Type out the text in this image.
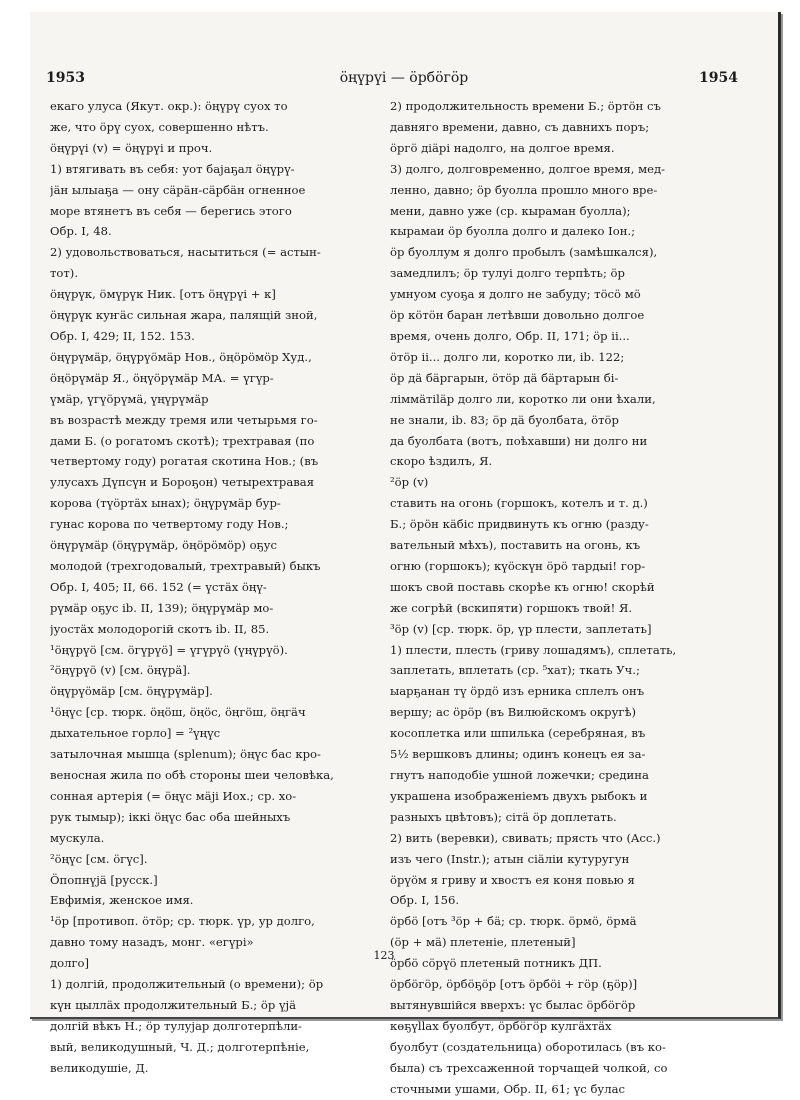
1953	öңүрүі — öрбöгöр	1954
екаго улуса (Якут. окр.): öңүрү суох то
же, что öрү суох, совершенно нѣтъ.
öңүрүі (v) = öңүрүі и проч.
1) втягивать въ себя: уот бајаҕал öңүрү-
јäн ылыаҕа — ону сäрäн-сäрбäн огненное
море втянетъ въ себя — берегись этого
Обр. I, 48.
2) удовольствоваться, насытиться (= астын-
тот).
öңүрүк, öмүрүк Ник. [отъ öңүрүі + к]
öңүрүк куҥäс сильная жара, палящій зной,
Обр. I, 429; II, 152. 153.
öңүрүмäр, öңүрүöмäр Нов., öңöрöмöр Худ.,
öңöрүмäр Я., öңүöрүмäр МА. = үгүр-
үмäр, үгүöрүмä, үңүрүмäр
въ возрастѣ между тремя или четырьмя го-
дами Б. (о рогатомъ скотѣ); трехтравая (по
четвертому году) рогатая скотина Нов.; (въ
улусахъ Дүпсүн и Бороҕон) четырехтравая
корова (түöртäх ынах); öңүрүмäр бур-
гунас корова по четвертому году Нов.;
öңүрүмäр (öңүрүмäр, öңöрöмöр) оҕус
молодой (трехгодовалый, трехтравый) быкъ
Обр. I, 405; II, 66. 152 (= үстäх öңү-
рүмäр оҕус ib. II, 139); öңүрүмäр мо-
јуостäх молодорогій скотъ ib. II, 85.
¹öңүрүö [см. öгүрүö] = үгүрүö (үңүрүö).
²öңүрүö (v) [см. öңүрä].
öңүрүöмäр [см. öңүрүмäр].
¹öңүс [ср. тюрк. öңöш, öңöс, öңгöш, öңгäч
дыхательное горло] = ²үңүс
затылочная мышца (splenum); öңүс бас кро-
веносная жила по обѣ стороны шеи человѣка,
сонная артерія (= öңүс мäјі Иох.; ср. хо-
рук тымыр); іккі öңүс бас оба шейныхъ
мускула.
²öңүс [см. öгүс].
Öпопнүјä [русск.]
Евфимія, женское имя.
¹öр [противоп. öтöр; ср. тюрк. үр, ур долго,
давно тому назадъ, монг. «егүрі»
долго]
1) долгій, продолжительный (о времени); öр
күн цыллäх продолжительный Б.; öр үјä
долгій вѣкъ Н.; öр тулујар долготерпѣли-
вый, великодушный, Ч. Д.; долготерпѣніе,
великодушіе, Д.
2) продолжительность времени Б.; öртöн съ
давняго времени, давно, съ давнихъ поръ;
öргö діäрі надолго, на долгое время.
3) долго, долговременно, долгое время, мед-
ленно, давно; öр буолла прошло много вре-
мени, давно уже (ср. кыраман буолла);
кырамаи öр буолла долго и далеко Іон.;
öр буоллум я долго пробылъ (замѣшкался),
замедлилъ; öр тулуі долго терпѣть; öр
умнуом суоҕа я долго не забуду; тöсö мö
öр кöтöн баран летѣвши довольно долгое
время, очень долго, Обр. II, 171; öр ii...
öтöр ii... долго ли, коротко ли, ib. 122;
öр дä бäргарын, öтöр дä бäртарын бі-
ліммäтіläр долго ли, коротко ли они ѣхали,
не знали, ib. 83; öр дä буолбата, öтöр
да буолбата (вотъ, поѣхавши) ни долго ни
скоро ѣздилъ, Я.
²öр (v)
ставить на огонь (горшокъ, котелъ и т. д.)
Б.; öрöн кäбіс придвинуть къ огню (разду-
вательный мѣхъ), поставить на огонь, къ
огню (горшокъ); күöскүн öрö тардыі! гор-
шокъ свой поставь скорѣе къ огню! скорѣй
же согрѣй (вскипяти) горшокъ твой! Я.
³öр (v) [ср. тюрк. öр, үр плести, заплетать]
1) плести, плесть (гриву лошадямъ), сплетать,
заплетать, вплетать (ср. ⁵хат); ткать Уч.;
ыарҕанан тү öрдö изъ ерника сплелъ онъ
вершу; ас öрöр (въ Вилюйскомъ округѣ)
косоплетка или шпилька (серебряная, въ
5½ вершковъ длины; одинъ конецъ ея за-
гнутъ наподобіе ушной ложечки; средина
украшена изображеніемъ двухъ рыбокъ и
разныхъ цвѣтовъ); сітä öр доплетать.
2) вить (веревки), свивать; прясть что (Acc.)
изъ чего (Instr.); атын сіäліи кутуругун
öрүöм я гриву и хвостъ ея коня повью я
Обр. I, 156.
öрбö [отъ ³öр + бä; ср. тюрк. öрмö, öрмä
(öр + мä) плетеніе, плетеный]
öрбö сöрүö плетеный потникъ ДП.
öрбöгöр, öрбöҕöр [отъ öрбöі + гöр (ҕöр)]
вытянувшійся вверхъ: үс былас öрбöгöр
көҕүllах буолбут, öрбöгöр кулгäхтäх
буолбут (создательница) оборотилась (въ ко-
была) съ трехсаженной торчащей чолкой, со
сточными ушами, Обр. II, 61; үс булас
123
